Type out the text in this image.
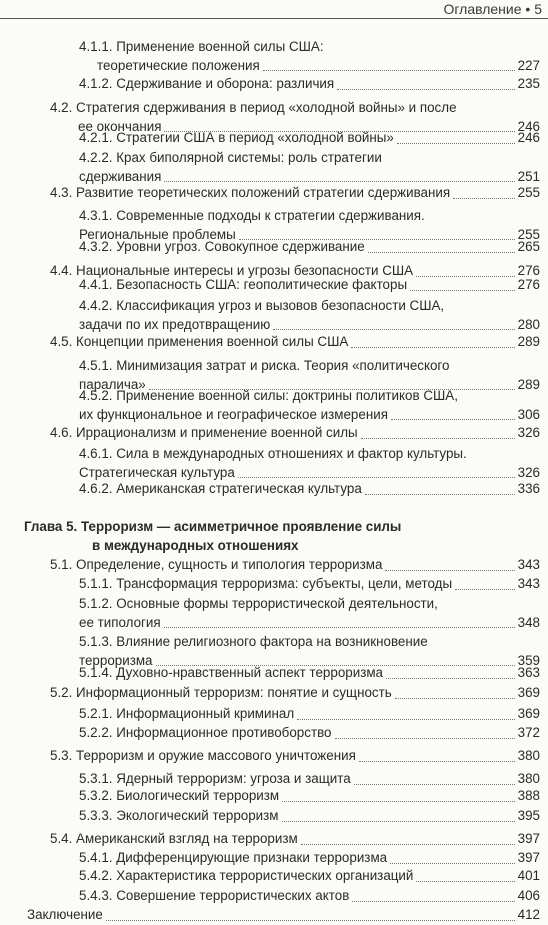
Оглавление • 5
4.1.1. Применение военной силы США:
теоретические положения	227
4.1.2. Сдерживание и оборона: различия	235
4.2. Стратегия сдерживания в период «холодной войны» и после
ее окончания	246
4.2.1. Стратегии США в период «холодной войны»	246
4.2.2. Крах биполярной системы: роль стратегии
сдерживания	251
4.3. Развитие теоретических положений стратегии сдерживания	255
4.3.1. Современные подходы к стратегии сдерживания.
Региональные проблемы	255
4.3.2. Уровни угроз. Совокупное сдерживание	265
4.4. Национальные интересы и угрозы безопасности США	276
4.4.1. Безопасность США: геополитические факторы	276
4.4.2. Классификация угроз и вызовов безопасности США,
задачи по их предотвращению	280
4.5. Концепции применения военной силы США	289
4.5.1. Минимизация затрат и риска. Теория «политического
паралича»	289
4.5.2. Применение военной силы: доктрины политиков США,
их функциональное и географическое измерения	306
4.6. Иррационализм и применение военной силы	326
4.6.1. Сила в международных отношениях и фактор культуры.
Стратегическая культура	326
4.6.2. Американская стратегическая культура	336
Глава 5. Терроризм — асимметричное проявление силы
в международных отношениях
5.1. Определение, сущность и типология терроризма	343
5.1.1. Трансформация терроризма: субъекты, цели, методы	343
5.1.2. Основные формы террористической деятельности,
ее типология	348
5.1.3. Влияние религиозного фактора на возникновение
терроризма	359
5.1.4. Духовно-нравственный аспект терроризма	363
5.2. Информационный терроризм: понятие и сущность	369
5.2.1. Информационный криминал	369
5.2.2. Информационное противоборство	372
5.3. Терроризм и оружие массового уничтожения	380
5.3.1. Ядерный терроризм: угроза и защита	380
5.3.2. Биологический терроризм	388
5.3.3. Экологический терроризм	395
5.4. Американский взгляд на терроризм	397
5.4.1. Дифференцирующие признаки терроризма	397
5.4.2. Характеристика террористических организаций	401
5.4.3. Совершение террористических актов	406
Заключение	412
